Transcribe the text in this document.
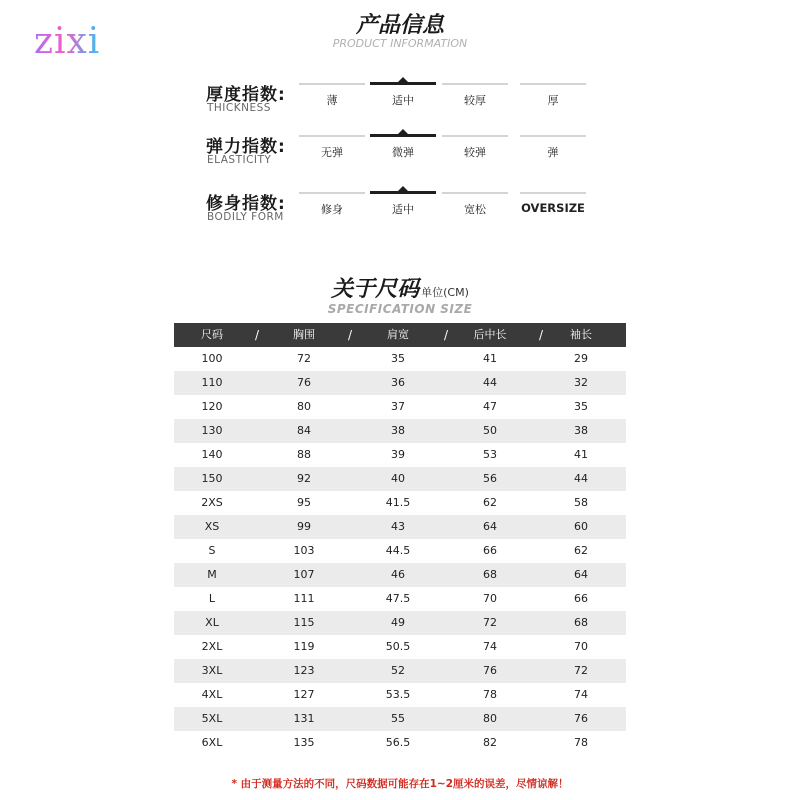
zixi	产品信息
PRODUCT INFORMATION
厚度指数:
THICKNESS
薄	适中	较厚	厚
弹力指数:
ELASTICITY
无弹	微弹	较弹	弹
修身指数:
BODILY FORM
修身	适中	宽松	OVERSIZE
关于尺码 单位(CM)
SPECIFICATION SIZE
尺码	/	胸围	/	肩宽	/	后中长	/	袖长
100	72	35	41	29
110	76	36	44	32
120	80	37	47	35
130	84	38	50	38
140	88	39	53	41
150	92	40	56	44
2XS	95	41.5	62	58
XS	99	43	64	60
S	103	44.5	66	62
M	107	46	68	64
L	111	47.5	70	66
XL	115	49	72	68
2XL	119	50.5	74	70
3XL	123	52	76	72
4XL	127	53.5	78	74
5XL	131	55	80	76
6XL	135	56.5	82	78
* 由于测量方法的不同，尺码数据可能存在1~2厘米的误差，尽情谅解！
